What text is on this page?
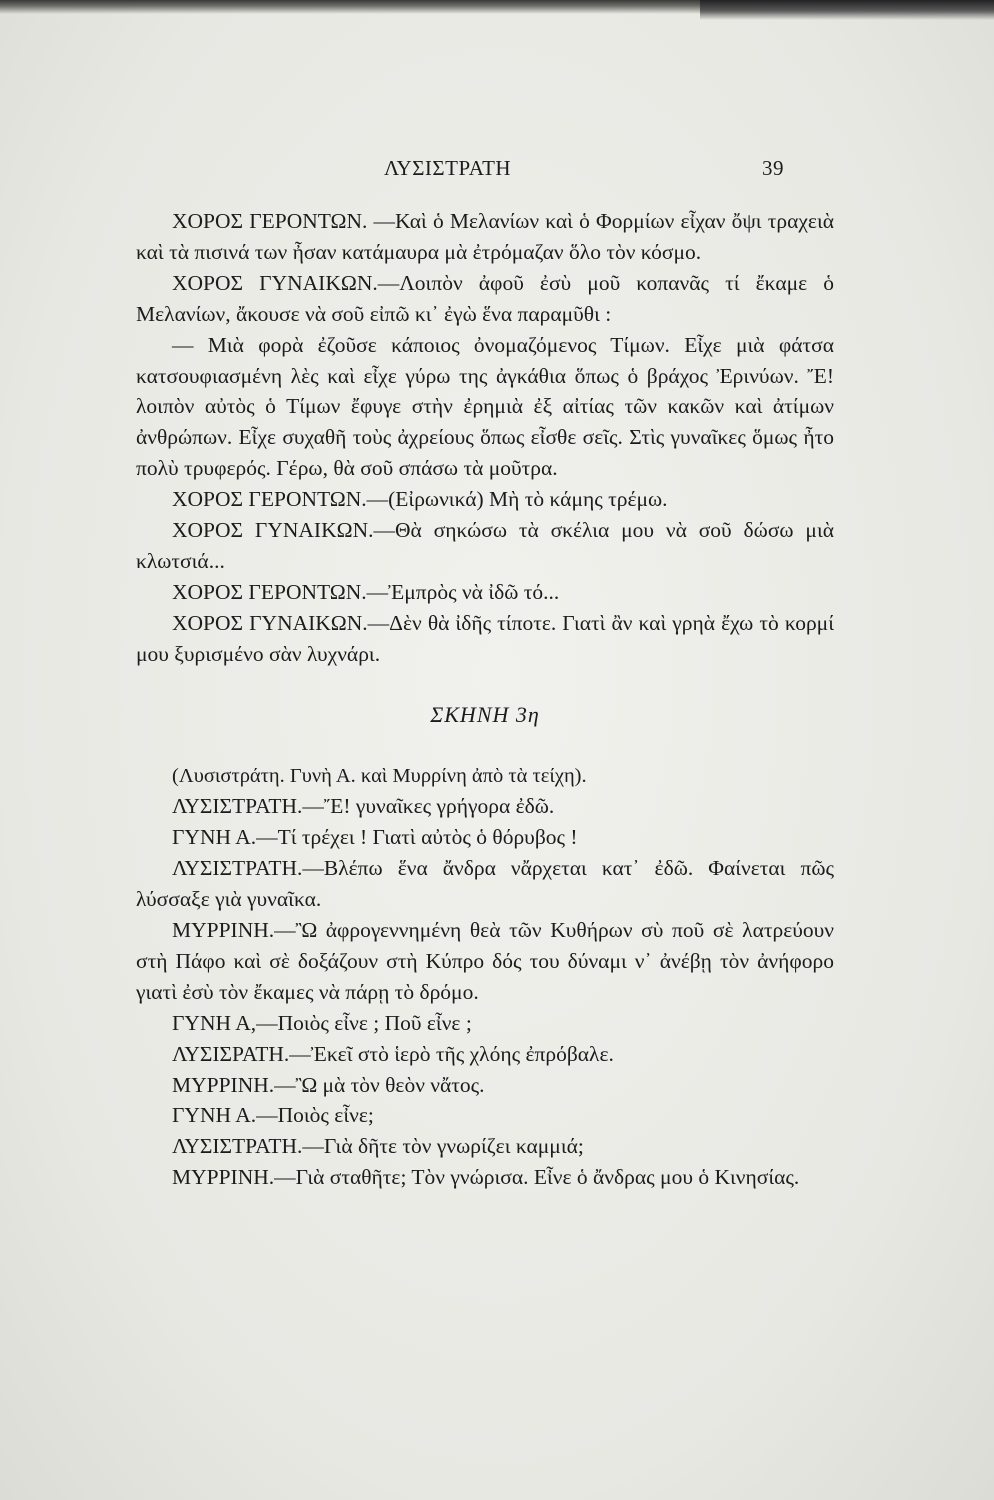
ΛΥΣΙΣΤΡΑΤΗ	39

ΧΟΡΟΣ ΓΕΡΟΝΤΩΝ. —Καὶ ὁ Μελανίων καὶ ὁ Φορμίων εἶχαν ὄψι τραχειὰ καὶ τὰ πισινά των ἦσαν κατάμαυρα μὰ ἐτρόμαζαν ὅλο τὸν κόσμο.

ΧΟΡΟΣ ΓΥΝΑΙΚΩΝ.—Λοιπὸν ἀφοῦ ἐσὺ μοῦ κοπανᾶς τί ἔκαμε ὁ Μελανίων, ἄκουσε νὰ σοῦ εἰπῶ κι᾽ ἐγὼ ἕνα παραμῦθι :

— Μιὰ φορὰ ἐζοῦσε κάποιος ὀνομαζόμενος Τίμων. Εἶχε μιὰ φάτσα κατσουφιασμένη λὲς καὶ εἶχε γύρω της ἀγκάθια ὅπως ὁ βράχος Ἐρινύων. Ἔ! λοιπὸν αὐτὸς ὁ Τίμων ἔφυγε στὴν ἐρημιὰ ἐξ αἰτίας τῶν κακῶν καὶ ἀτίμων ἀνθρώπων. Εἶχε συχαθῆ τοὺς ἀχρείους ὅπως εἶσθε σεῖς. Στὶς γυναῖκες ὅμως ἦτο πολὺ τρυφερός. Γέρω, θὰ σοῦ σπάσω τὰ μοῦτρα.

ΧΟΡΟΣ ΓΕΡΟΝΤΩΝ.—(Εἰρωνικά) Μὴ τὸ κάμης τρέμω.

ΧΟΡΟΣ ΓΥΝΑΙΚΩΝ.—Θὰ σηκώσω τὰ σκέλια μου νὰ σοῦ δώσω μιὰ κλωτσιά...

ΧΟΡΟΣ ΓΕΡΟΝΤΩΝ.—Ἐμπρὸς νὰ ἰδῶ τό...

ΧΟΡΟΣ ΓΥΝΑΙΚΩΝ.—Δὲν θὰ ἰδῆς τίποτε. Γιατὶ ἂν καὶ γρηὰ ἔχω τὸ κορμί μου ξυρισμένο σὰν λυχνάρι.

ΣΚΗΝΗ 3η

(Λυσιστράτη. Γυνὴ Α. καὶ Μυρρίνη ἀπὸ τὰ τείχη).

ΛΥΣΙΣΤΡΑΤΗ.—Ἔ! γυναῖκες γρήγορα ἐδῶ.

ΓΥΝΗ Α.—Τί τρέχει ! Γιατὶ αὐτὸς ὁ θόρυβος !

ΛΥΣΙΣΤΡΑΤΗ.—Βλέπω ἕνα ἄνδρα νἄρχεται κατ᾽ ἐδῶ. Φαίνεται πῶς λύσσαξε γιὰ γυναῖκα.

ΜΥΡΡΙΝΗ.—Ὢ ἀφρογεννημένη θεὰ τῶν Κυθήρων σὺ ποῦ σὲ λατρεύουν στὴ Πάφο καὶ σὲ δοξάζουν στὴ Κύπρο δός του δύναμι ν᾽ ἀνέβῃ τὸν ἀνήφορο γιατὶ ἐσὺ τὸν ἔκαμες νὰ πάρῃ τὸ δρόμο.

ΓΥΝΗ Α,—Ποιὸς εἶνε ; Ποῦ εἶνε ;

ΛΥΣΙΣΡΑΤΗ.—Ἐκεῖ στὸ ἱερὸ τῆς χλόης ἐπρόβαλε.

ΜΥΡΡΙΝΗ.—Ὢ μὰ τὸν θεὸν νἄτος.

ΓΥΝΗ Α.—Ποιὸς εἶνε;

ΛΥΣΙΣΤΡΑΤΗ.—Γιὰ δῆτε τὸν γνωρίζει καμμιά;

ΜΥΡΡΙΝΗ.—Γιὰ σταθῆτε; Τὸν γνώρισα. Εἶνε ὁ ἄνδρας μου ὁ Κινησίας.
